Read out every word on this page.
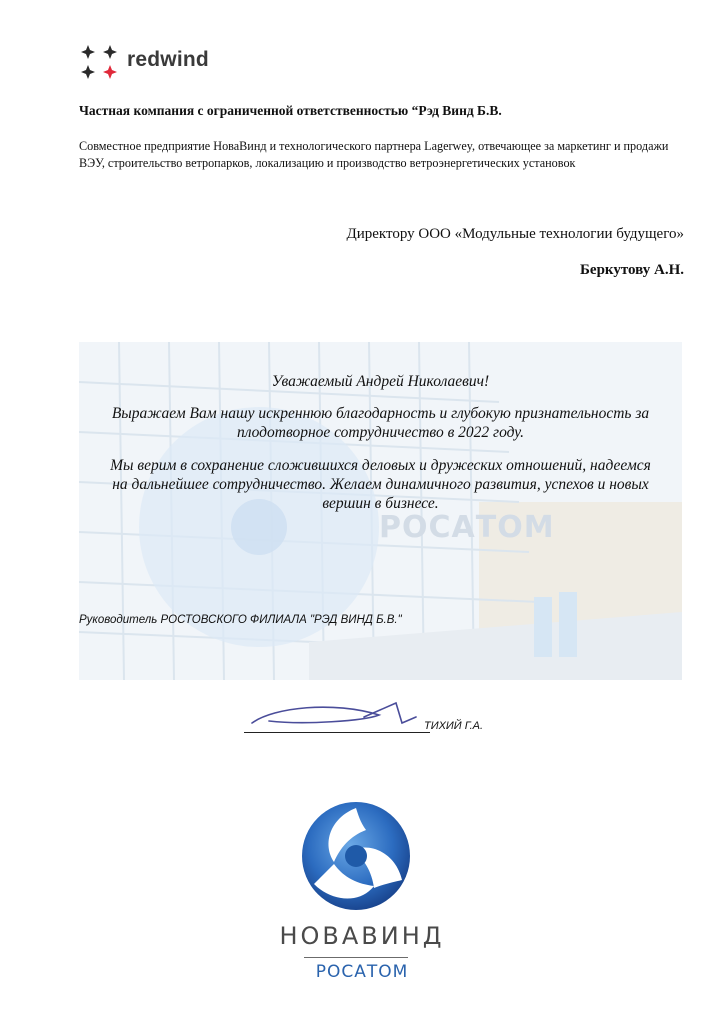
redwind
Частная компания с ограниченной ответственностью “Рэд Винд Б.В.
Совместное предприятие НоваВинд и технологического партнера Lagerwey, отвечающее за маркетинг и продажи ВЭУ, строительство ветропарков, локализацию и производство ветроэнергетических установок
Директору ООО «Модульные технологии будущего»
Беркутову А.Н.
РОСАТОМ

Уважаемый Андрей Николаевич!

Выражаем Вам нашу искреннюю благодарность и глубокую признательность за плодотворное сотрудничество в 2022 году.

Мы верим в сохранение сложившихся деловых и дружеских отношений, надеемся на дальнейшее сотрудничество. Желаем динамичного развития, успехов и новых вершин в бизнесе.

Руководитель РОСТОВСКОГО ФИЛИАЛА "РЭД ВИНД Б.В."
ТИХИЙ Г.А.
НОВАВИНД
РОСАТОМ
